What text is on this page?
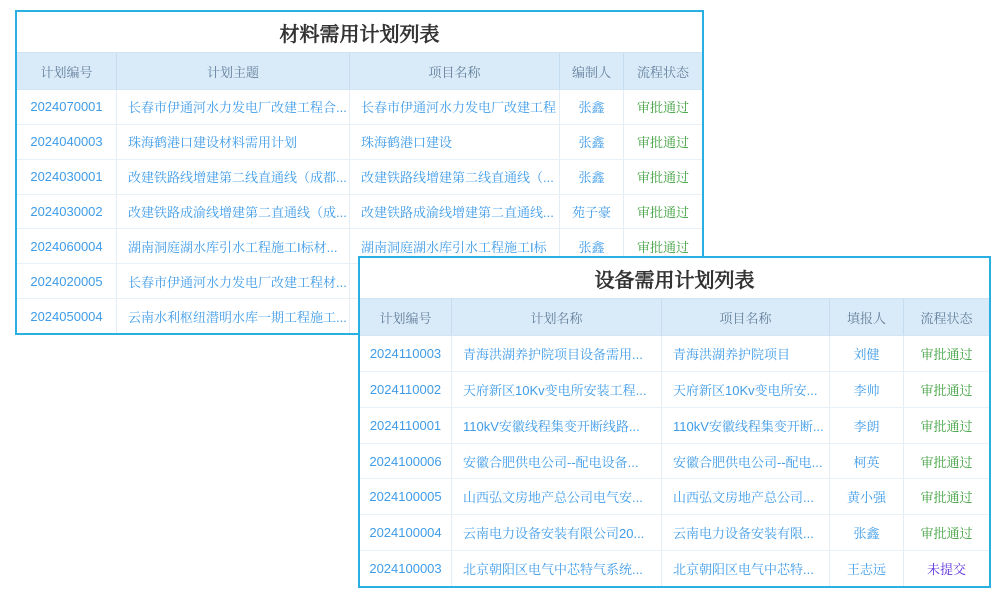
材料需用计划列表
计划编号	计划主题	项目名称	编制人	流程状态
2024070001	长春市伊通河水力发电厂改建工程合...	长春市伊通河水力发电厂改建工程	张鑫	审批通过
2024040003	珠海鹤港口建设材料需用计划	珠海鹤港口建设	张鑫	审批通过
2024030001	改建铁路线增建第二线直通线（成都...	改建铁路线增建第二线直通线（...	张鑫	审批通过
2024030002	改建铁路成渝线增建第二直通线（成...	改建铁路成渝线增建第二直通线...	苑子豪	审批通过
2024060004	湖南洞庭湖水库引水工程施工I标材...	湖南洞庭湖水库引水工程施工I标	张鑫	审批通过
2024020005	长春市伊通河水力发电厂改建工程材...
2024050004	云南水利枢纽潜明水库一期工程施工...
设备需用计划列表
计划编号	计划名称	项目名称	填报人	流程状态
2024110003	青海洪湖养护院项目设备需用...	青海洪湖养护院项目	刘健	审批通过
2024110002	天府新区10Kv变电所安装工程...	天府新区10Kv变电所安...	李帅	审批通过
2024110001	110kV安徽线程集变开断线路...	110kV安徽线程集变开断...	李朗	审批通过
2024100006	安徽合肥供电公司--配电设备...	安徽合肥供电公司--配电...	柯英	审批通过
2024100005	山西弘文房地产总公司电气安...	山西弘文房地产总公司...	黄小强	审批通过
2024100004	云南电力设备安装有限公司20...	云南电力设备安装有限...	张鑫	审批通过
2024100003	北京朝阳区电气中芯特气系统...	北京朝阳区电气中芯特...	王志远	未提交
